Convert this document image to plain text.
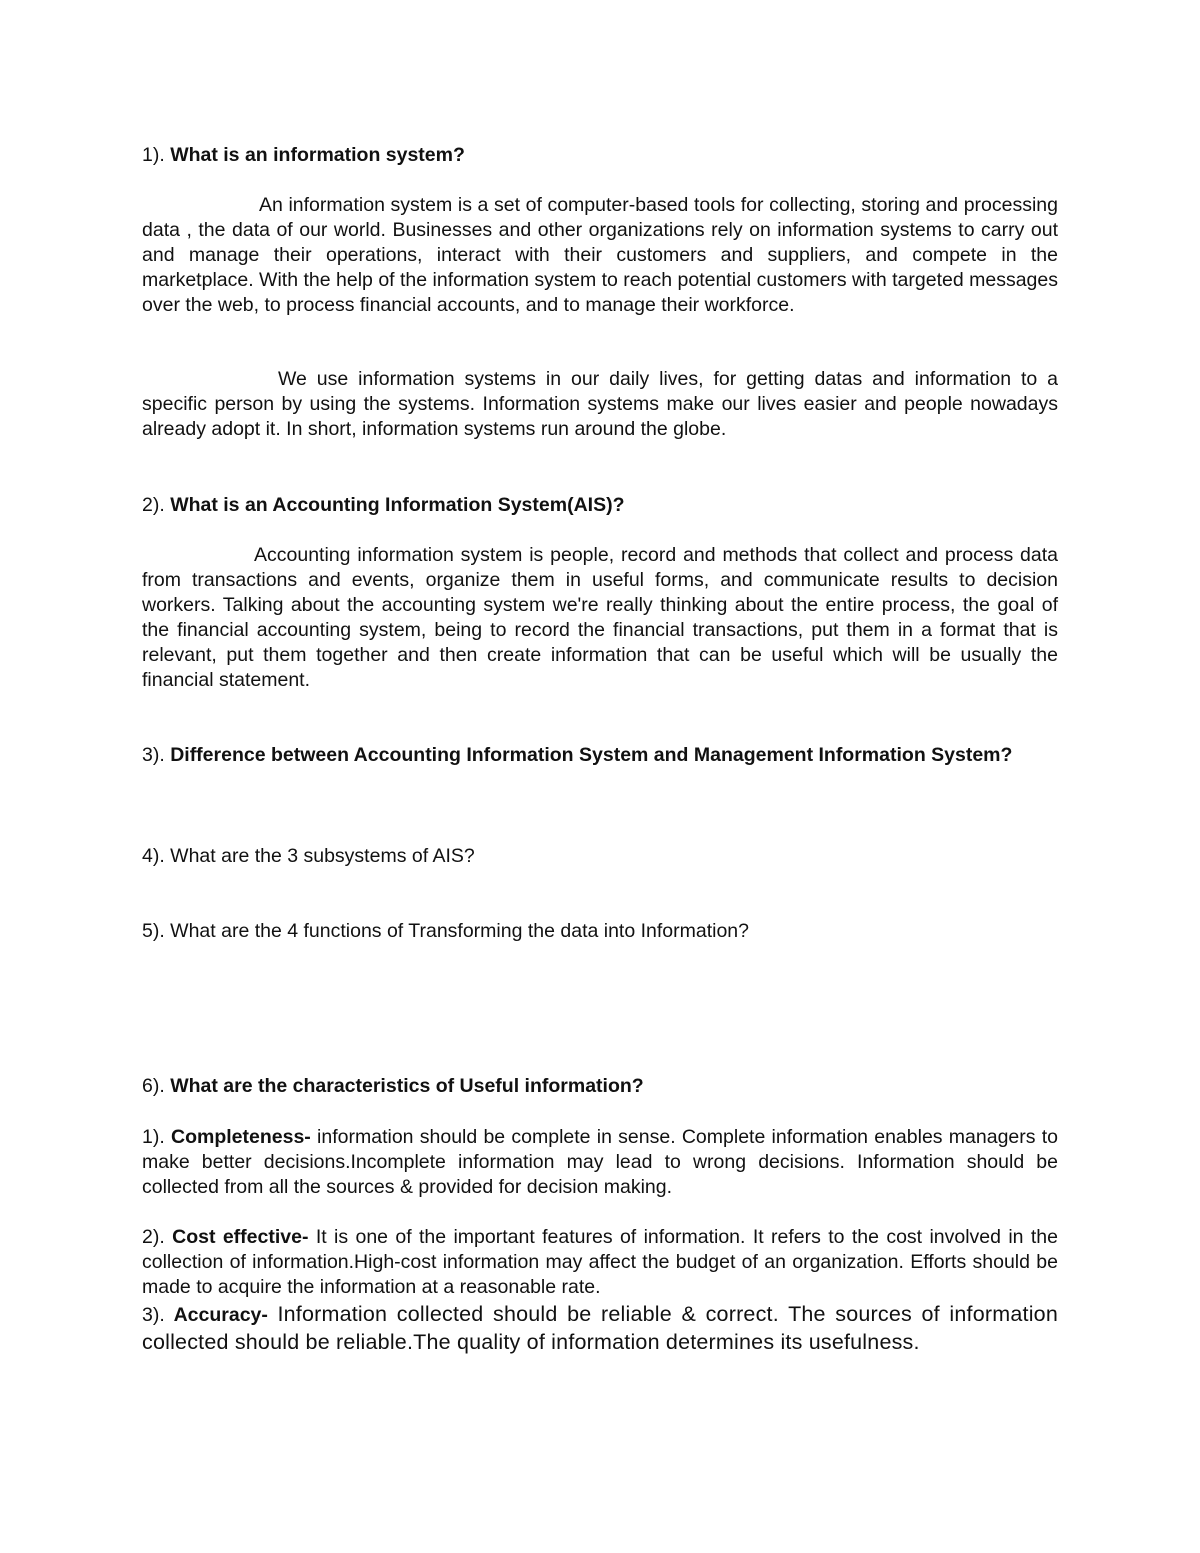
1). What is an information system?

An information system is a set of computer-based tools for collecting, storing and processing data , the data of our world. Businesses and other organizations rely on information systems to carry out and manage their operations, interact with their customers and suppliers, and compete in the marketplace. With the help of the information system to reach potential customers with targeted messages over the web, to process financial accounts, and to manage their workforce.

We use information systems in our daily lives, for getting datas and information to a specific person by using the systems. Information systems make our lives easier and people nowadays already adopt it. In short, information systems run around the globe.

2). What is an Accounting Information System(AIS)?

Accounting information system is people, record and methods that collect and process data from transactions and events, organize them in useful forms, and communicate results to decision workers. Talking about the accounting system we're really thinking about the entire process, the goal of the financial accounting system, being to record the financial transactions, put them in a format that is relevant, put them together and then create information that can be useful which will be usually the financial statement.

3). Difference between Accounting Information System and Management Information System?

4). What are the 3 subsystems of AIS?

5). What are the 4 functions of Transforming the data into Information?

6). What are the characteristics of Useful information?

1). Completeness- information should be complete in sense. Complete information enables managers to make better decisions.Incomplete information may lead to wrong decisions. Information should be collected from all the sources & provided for decision making.

2). Cost effective- It is one of the important features of information. It refers to the cost involved in the collection of information.High-cost information may affect the budget of an organization. Efforts should be made to acquire the information at a reasonable rate.

3). Accuracy- Information collected should be reliable & correct. The sources of information collected should be reliable.The quality of information determines its usefulness.
